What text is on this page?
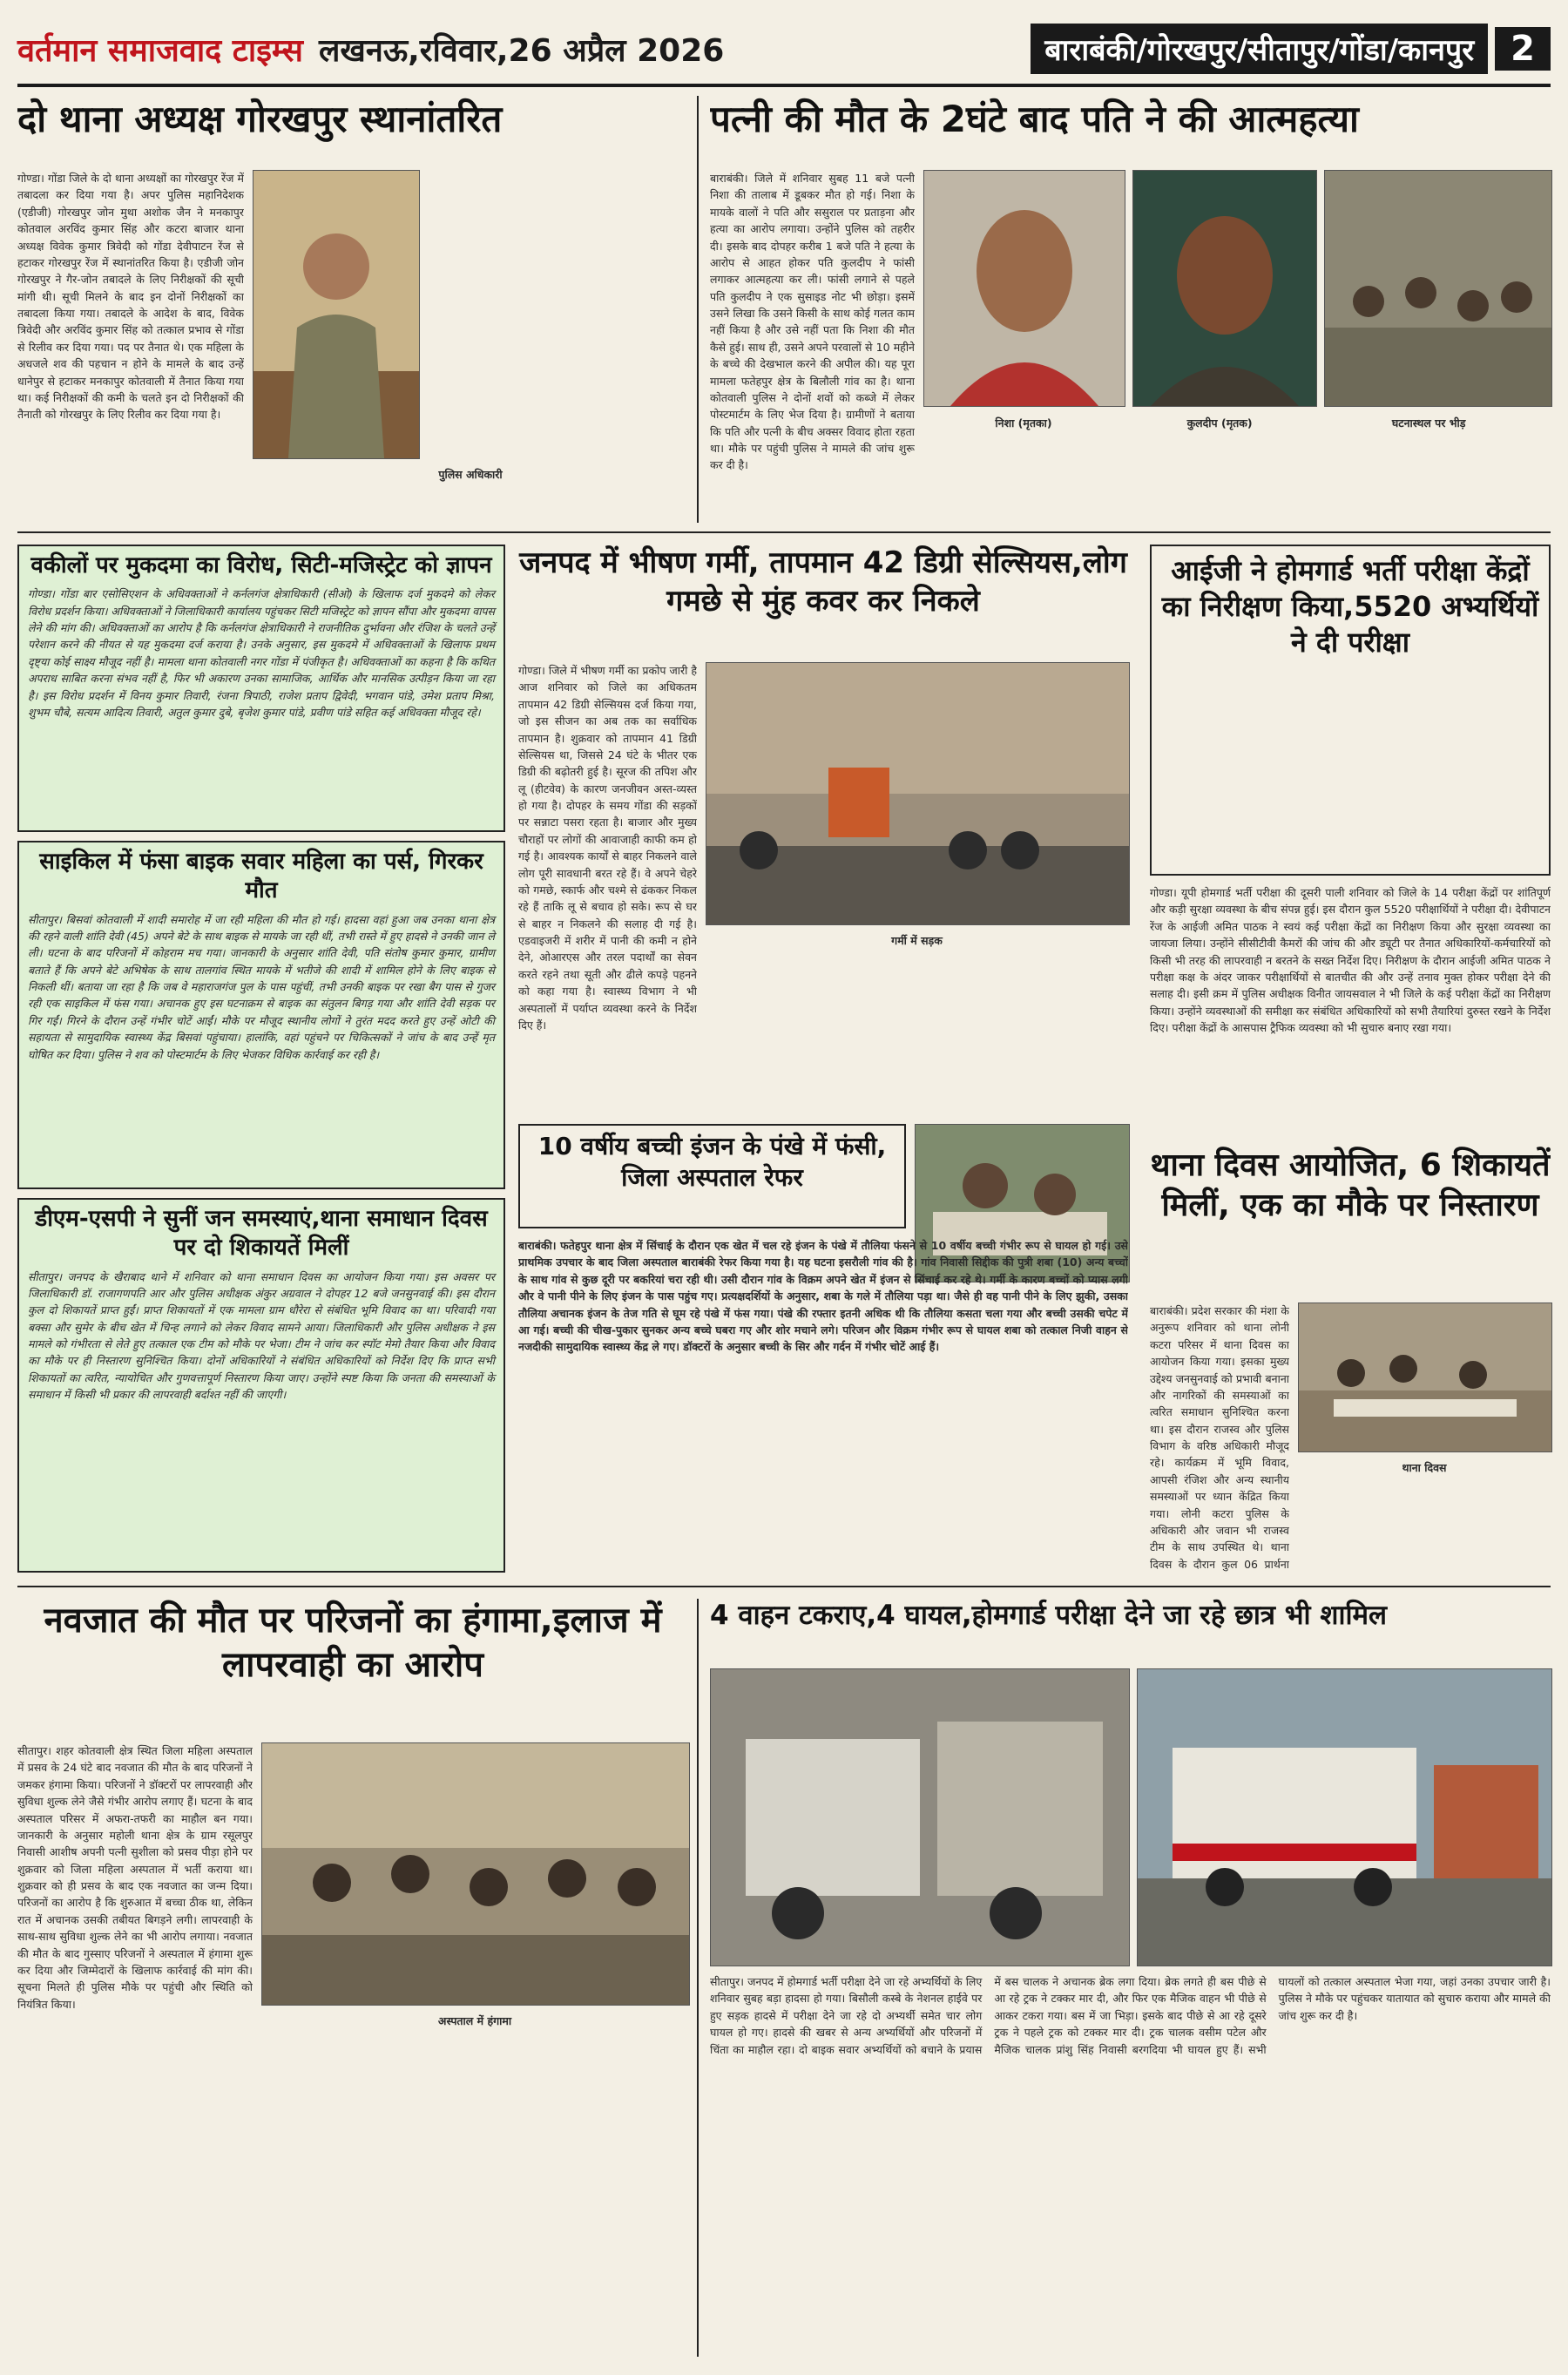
वर्तमान समाजवाद टाइम्स लखनऊ,रविवार,26 अप्रैल 2026	बाराबंकी/गोरखपुर/सीतापुर/गोंडा/कानपुर	2
दो थाना अध्यक्ष गोरखपुर स्थानांतरित

गोण्डा। गोंडा जिले के दो थाना अध्यक्षों का गोरखपुर रेंज में तबादला कर दिया गया है। अपर पुलिस महानिदेशक (एडीजी) गोरखपुर जोन मुथा अशोक जैन ने मनकापुर कोतवाल अरविंद कुमार सिंह और कटरा बाजार थाना अध्यक्ष विवेक कुमार त्रिवेदी को गोंडा देवीपाटन रेंज से हटाकर गोरखपुर रेंज में स्थानांतरित किया है। एडीजी जोन गोरखपुर ने गैर-जोन तबादले के लिए निरीक्षकों की सूची मांगी थी। सूची मिलने के बाद इन दोनों निरीक्षकों का तबादला किया गया। तबादले के आदेश के बाद, विवेक त्रिवेदी और अरविंद कुमार सिंह को तत्काल प्रभाव से गोंडा से रिलीव कर दिया गया। पद पर तैनात थे। एक महिला के अधजले शव की पहचान न होने के मामले के बाद उन्हें धानेपुर से हटाकर मनकापुर कोतवाली में तैनात किया गया था। कई निरीक्षकों की कमी के चलते इन दो निरीक्षकों की तैनाती को गोरखपुर के लिए रिलीव कर दिया गया है।

पुलिस अधिकारी

पत्नी की मौत के 2घंटे बाद पति ने की आत्महत्या

बाराबंकी। जिले में शनिवार सुबह 11 बजे पत्नी निशा की तालाब में डूबकर मौत हो गई। निशा के मायके वालों ने पति और ससुराल पर प्रताड़ना और हत्या का आरोप लगाया। उन्होंने पुलिस को तहरीर दी। इसके बाद दोपहर करीब 1 बजे पति ने हत्या के आरोप से आहत होकर पति कुलदीप ने फांसी लगाकर आत्महत्या कर ली। फांसी लगाने से पहले पति कुलदीप ने एक सुसाइड नोट भी छोड़ा। इसमें उसने लिखा कि उसने किसी के साथ कोई गलत काम नहीं किया है और उसे नहीं पता कि निशा की मौत कैसे हुई। साथ ही, उसने अपने परवालों से 10 महीने के बच्चे की देखभाल करने की अपील की। यह पूरा मामला फतेहपुर क्षेत्र के बिलौली गांव का है। थाना कोतवाली पुलिस ने दोनों शवों को कब्जे में लेकर पोस्टमार्टम के लिए भेज दिया है। ग्रामीणों ने बताया कि पति और पत्नी के बीच अक्सर विवाद होता रहता था। मौके पर पहुंची पुलिस ने मामले की जांच शुरू कर दी है।

निशा (मृतका)	कुलदीप (मृतक)	घटनास्थल पर भीड़
वकीलों पर मुकदमा का विरोध, सिटी-मजिस्ट्रेट को ज्ञापन

गोण्डा। गोंडा बार एसोसिएशन के अधिवक्ताओं ने कर्नलगंज क्षेत्राधिकारी (सीओ) के खिलाफ दर्ज मुकदमे को लेकर विरोध प्रदर्शन किया। अधिवक्ताओं ने जिलाधिकारी कार्यालय पहुंचकर सिटी मजिस्ट्रेट को ज्ञापन सौंपा और मुकदमा वापस लेने की मांग की। अधिवक्ताओं का आरोप है कि कर्नलगंज क्षेत्राधिकारी ने राजनीतिक दुर्भावना और रंजिश के चलते उन्हें परेशान करने की नीयत से यह मुकदमा दर्ज कराया है। उनके अनुसार, इस मुकदमे में अधिवक्ताओं के खिलाफ प्रथम दृष्ट्या कोई साक्ष्य मौजूद नहीं है। मामला थाना कोतवाली नगर गोंडा में पंजीकृत है। अधिवक्ताओं का कहना है कि कथित अपराध साबित करना संभव नहीं है, फिर भी अकारण उनका सामाजिक, आर्थिक और मानसिक उत्पीड़न किया जा रहा है। इस विरोध प्रदर्शन में विनय कुमार तिवारी, रंजना त्रिपाठी, राजेश प्रताप द्विवेदी, भगवान पांडे, उमेश प्रताप मिश्रा, शुभम चौबे, सत्यम आदित्य तिवारी, अतुल कुमार दुबे, बृजेश कुमार पांडे, प्रवीण पांडे सहित कई अधिवक्ता मौजूद रहे।

साइकिल में फंसा बाइक सवार महिला का पर्स, गिरकर मौत

सीतापुर। बिसवां कोतवाली में शादी समारोह में जा रही महिला की मौत हो गई। हादसा वहां हुआ जब उनका थाना क्षेत्र की रहने वाली शांति देवी (45) अपने बेटे के साथ बाइक से मायके जा रही थीं, तभी रास्ते में हुए हादसे ने उनकी जान ले ली। घटना के बाद परिजनों में कोहराम मच गया। जानकारी के अनुसार शांति देवी, पति संतोष कुमार कुमार, ग्रामीण बताते हैं कि अपने बेटे अभिषेक के साथ तालगांव स्थित मायके में भतीजे की शादी में शामिल होने के लिए बाइक से निकली थीं। बताया जा रहा है कि जब वे महाराजगंज पुल के पास पहुंचीं, तभी उनकी बाइक पर रखा बैग पास से गुजर रही एक साइकिल में फंस गया। अचानक हुए इस घटनाक्रम से बाइक का संतुलन बिगड़ गया और शांति देवी सड़क पर गिर गईं। गिरने के दौरान उन्हें गंभीर चोटें आईं। मौके पर मौजूद स्थानीय लोगों ने तुरंत मदद करते हुए उन्हें ओटी की सहायता से सामुदायिक स्वास्थ्य केंद्र बिसवां पहुंचाया। हालांकि, वहां पहुंचने पर चिकित्सकों ने जांच के बाद उन्हें मृत घोषित कर दिया। पुलिस ने शव को पोस्टमार्टम के लिए भेजकर विधिक कार्रवाई कर रही है।

डीएम-एसपी ने सुनीं जन समस्याएं,थाना समाधान दिवस पर दो शिकायतें मिलीं

सीतापुर। जनपद के खैराबाद थाने में शनिवार को थाना समाधान दिवस का आयोजन किया गया। इस अवसर पर जिलाधिकारी डॉ. राजागणपति आर और पुलिस अधीक्षक अंकुर अग्रवाल ने दोपहर 12 बजे जनसुनवाई की। इस दौरान कुल दो शिकायतें प्राप्त हुईं। प्राप्त शिकायतों में एक मामला ग्राम धौरेरा से संबंधित भूमि विवाद का था। परिवादी गया बक्सा और सुमेर के बीच खेत में चिन्ह लगाने को लेकर विवाद सामने आया। जिलाधिकारी और पुलिस अधीक्षक ने इस मामले को गंभीरता से लेते हुए तत्काल एक टीम को मौके पर भेजा। टीम ने जांच कर स्पॉट मेमो तैयार किया और विवाद का मौके पर ही निस्तारण सुनिश्चित किया। दोनों अधिकारियों ने संबंधित अधिकारियों को निर्देश दिए कि प्राप्त सभी शिकायतों का त्वरित, न्यायोचित और गुणवत्तापूर्ण निस्तारण किया जाए। उन्होंने स्पष्ट किया कि जनता की समस्याओं के समाधान में किसी भी प्रकार की लापरवाही बर्दाश्त नहीं की जाएगी।

जनपद में भीषण गर्मी, तापमान 42 डिग्री सेल्सियस,लोग गमछे से मुंह कवर कर निकले

गोण्डा। जिले में भीषण गर्मी का प्रकोप जारी है आज शनिवार को जिले का अधिकतम तापमान 42 डिग्री सेल्सियस दर्ज किया गया, जो इस सीजन का अब तक का सर्वाधिक तापमान है। शुक्रवार को तापमान 41 डिग्री सेल्सियस था, जिससे 24 घंटे के भीतर एक डिग्री की बढ़ोतरी हुई है। सूरज की तपिश और लू (हीटवेव) के कारण जनजीवन अस्त-व्यस्त हो गया है। दोपहर के समय गोंडा की सड़कों पर सन्नाटा पसरा रहता है। बाजार और मुख्य चौराहों पर लोगों की आवाजाही काफी कम हो गई है। आवश्यक कार्यों से बाहर निकलने वाले लोग पूरी सावधानी बरत रहे हैं। वे अपने चेहरे को गमछे, स्कार्फ और चश्मे से ढंककर निकल रहे हैं ताकि लू से बचाव हो सके। रूप से घर से बाहर न निकलने की सलाह दी गई है। एडवाइजरी में शरीर में पानी की कमी न होने देने, ओआरएस और तरल पदार्थों का सेवन करते रहने तथा सूती और ढीले कपड़े पहनने को कहा गया है। स्वास्थ्य विभाग ने भी अस्पतालों में पर्याप्त व्यवस्था करने के निर्देश दिए हैं।

गर्मी में सड़क

आईजी ने होमगार्ड भर्ती परीक्षा केंद्रों का निरीक्षण किया,5520 अभ्यर्थियों ने दी परीक्षा

गोण्डा। यूपी होमगार्ड भर्ती परीक्षा की दूसरी पाली शनिवार को जिले के 14 परीक्षा केंद्रों पर शांतिपूर्ण और कड़ी सुरक्षा व्यवस्था के बीच संपन्न हुई। इस दौरान कुल 5520 परीक्षार्थियों ने परीक्षा दी। देवीपाटन रेंज के आईजी अमित पाठक ने स्वयं कई परीक्षा केंद्रों का निरीक्षण किया और सुरक्षा व्यवस्था का जायजा लिया। उन्होंने सीसीटीवी कैमरों की जांच की और ड्यूटी पर तैनात अधिकारियों-कर्मचारियों को किसी भी तरह की लापरवाही न बरतने के सख्त निर्देश दिए। निरीक्षण के दौरान आईजी अमित पाठक ने परीक्षा कक्ष के अंदर जाकर परीक्षार्थियों से बातचीत की और उन्हें तनाव मुक्त होकर परीक्षा देने की सलाह दी। इसी क्रम में पुलिस अधीक्षक विनीत जायसवाल ने भी जिले के कई परीक्षा केंद्रों का निरीक्षण किया। उन्होंने व्यवस्थाओं की समीक्षा कर संबंधित अधिकारियों को सभी तैयारियां दुरुस्त रखने के निर्देश दिए। परीक्षा केंद्रों के आसपास ट्रैफिक व्यवस्था को भी सुचारु बनाए रखा गया।

10 वर्षीय बच्ची इंजन के पंखे में फंसी, जिला अस्पताल रेफर

बाराबंकी। फतेहपुर थाना क्षेत्र में सिंचाई के दौरान एक खेत में चल रहे इंजन के पंखे में तौलिया फंसने से 10 वर्षीय बच्ची गंभीर रूप से घायल हो गई। उसे प्राथमिक उपचार के बाद जिला अस्पताल बाराबंकी रेफर किया गया है। यह घटना इसरौली गांव की है। गांव निवासी सिद्दीक की पुत्री शबा (10) अन्य बच्चों के साथ गांव से कुछ दूरी पर बकरियां चरा रही थी। उसी दौरान गांव के विक्रम अपने खेत में इंजन से सिंचाई कर रहे थे। गर्मी के कारण बच्चों को प्यास लगी और वे पानी पीने के लिए इंजन के पास पहुंच गए। प्रत्यक्षदर्शियों के अनुसार, शबा के गले में तौलिया पड़ा था। जैसे ही वह पानी पीने के लिए झुकी, उसका तौलिया अचानक इंजन के तेज गति से घूम रहे पंखे में फंस गया। पंखे की रफ्तार इतनी अधिक थी कि तौलिया कसता चला गया और बच्ची उसकी चपेट में आ गई। बच्ची की चीख-पुकार सुनकर अन्य बच्चे घबरा गए और शोर मचाने लगे। परिजन और विक्रम गंभीर रूप से घायल शबा को तत्काल निजी वाहन से नजदीकी सामुदायिक स्वास्थ्य केंद्र ले गए। डॉक्टरों के अनुसार बच्ची के सिर और गर्दन में गंभीर चोटें आई हैं।

थाना दिवस आयोजित, 6 शिकायतें मिलीं, एक का मौके पर निस्तारण

बाराबंकी। प्रदेश सरकार की मंशा के अनुरूप शनिवार को थाना लोनी कटरा परिसर में थाना दिवस का आयोजन किया गया। इसका मुख्य उद्देश्य जनसुनवाई को प्रभावी बनाना और नागरिकों की समस्याओं का त्वरित समाधान सुनिश्चित करना था। इस दौरान राजस्व और पुलिस विभाग के वरिष्ठ अधिकारी मौजूद रहे। कार्यक्रम में भूमि विवाद, आपसी रंजिश और अन्य स्थानीय समस्याओं पर ध्यान केंद्रित किया गया। लोनी कटरा पुलिस के अधिकारी और जवान भी राजस्व टीम के साथ उपस्थित थे। थाना दिवस के दौरान कुल 06 प्रार्थना

थाना दिवस

नवजात की मौत पर परिजनों का हंगामा,इलाज में लापरवाही का आरोप

सीतापुर। शहर कोतवाली क्षेत्र स्थित जिला महिला अस्पताल में प्रसव के 24 घंटे बाद नवजात की मौत के बाद परिजनों ने जमकर हंगामा किया। परिजनों ने डॉक्टरों पर लापरवाही और सुविधा शुल्क लेने जैसे गंभीर आरोप लगाए हैं। घटना के बाद अस्पताल परिसर में अफरा-तफरी का माहौल बन गया। जानकारी के अनुसार महोली थाना क्षेत्र के ग्राम रसूलपुर निवासी आशीष अपनी पत्नी सुशीला को प्रसव पीड़ा होने पर शुक्रवार को जिला महिला अस्पताल में भर्ती कराया था। शुक्रवार को ही प्रसव के बाद एक नवजात का जन्म दिया। परिजनों का आरोप है कि शुरुआत में बच्चा ठीक था, लेकिन रात में अचानक उसकी तबीयत बिगड़ने लगी। लापरवाही के साथ-साथ सुविधा शुल्क लेने का भी आरोप लगाया। नवजात की मौत के बाद गुस्साए परिजनों ने अस्पताल में हंगामा शुरू कर दिया और जिम्मेदारों के खिलाफ कार्रवाई की मांग की। सूचना मिलते ही पुलिस मौके पर पहुंची और स्थिति को नियंत्रित किया।

अस्पताल में हंगामा

4 वाहन टकराए,4 घायल,होमगार्ड परीक्षा देने जा रहे छात्र भी शामिल

सीतापुर। जनपद में होमगार्ड भर्ती परीक्षा देने जा रहे अभ्यर्थियों के लिए शनिवार सुबह बड़ा हादसा हो गया। बिसौली कस्बे के नेशनल हाईवे पर हुए सड़क हादसे में परीक्षा देने जा रहे दो अभ्यर्थी समेत चार लोग घायल हो गए। हादसे की खबर से अन्य अभ्यर्थियों और परिजनों में चिंता का माहौल रहा। दो बाइक सवार अभ्यर्थियों को बचाने के प्रयास में बस चालक ने अचानक ब्रेक लगा दिया। ब्रेक लगते ही बस पीछे से आ रहे ट्रक ने टक्कर मार दी, और फिर एक मैजिक वाहन भी पीछे से आकर टकरा गया। बस में जा भिड़ा। इसके बाद पीछे से आ रहे दूसरे ट्रक ने पहले ट्रक को टक्कर मार दी। ट्रक चालक वसीम पटेल और मैजिक चालक प्रांशु सिंह निवासी बरगदिया भी घायल हुए हैं। सभी घायलों को तत्काल अस्पताल भेजा गया, जहां उनका उपचार जारी है। पुलिस ने मौके पर पहुंचकर यातायात को सुचारु कराया और मामले की जांच शुरू कर दी है।
